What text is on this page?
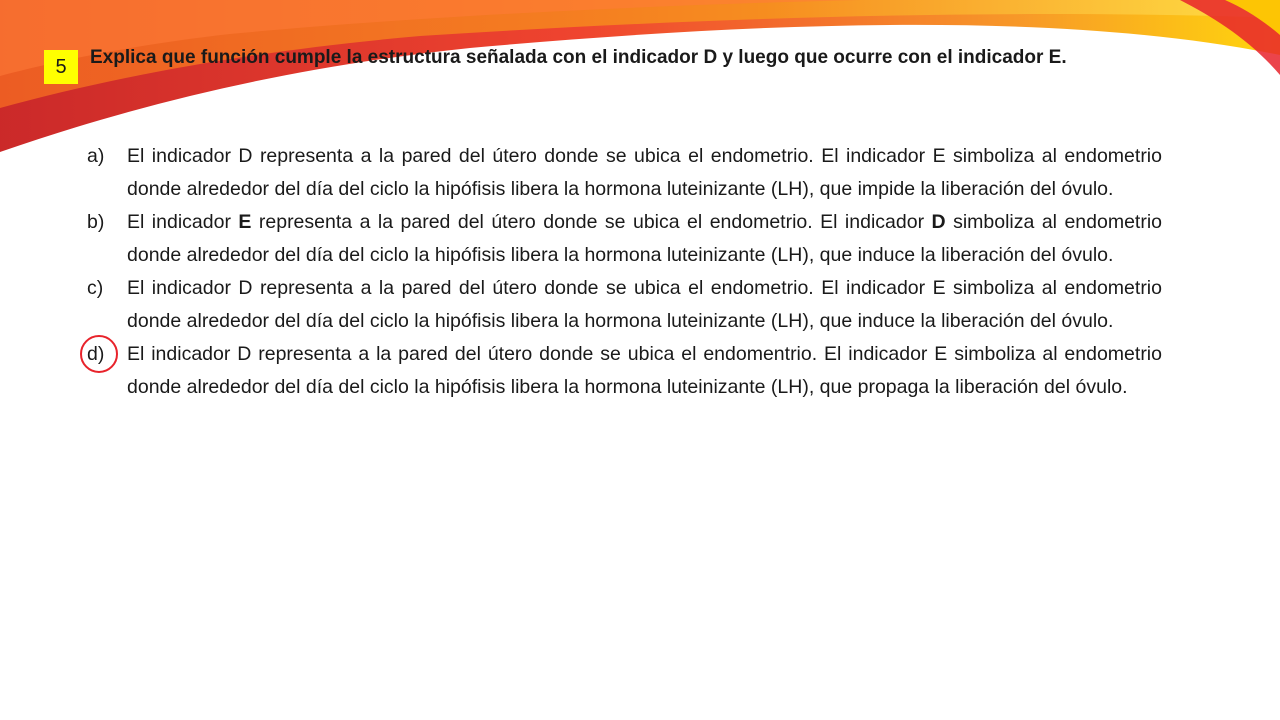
5	Explica que función cumple la estructura señalada con el indicador D y luego que ocurre con el indicador E.

a)	El indicador D representa a la pared del útero donde se ubica el endometrio. El indicador E simboliza al endometrio donde alrededor del día del ciclo la hipófisis libera la hormona luteinizante (LH), que impide la liberación del óvulo.
b)	El indicador E representa a la pared del útero donde se ubica el endometrio. El indicador D simboliza al endometrio donde alrededor del día del ciclo la hipófisis libera la hormona luteinizante (LH), que induce la liberación del óvulo.
c)	El indicador D representa a la pared del útero donde se ubica el endometrio. El indicador E simboliza al endometrio donde alrededor del día del ciclo la hipófisis libera la hormona luteinizante (LH), que induce la liberación del óvulo.
d)	El indicador D representa a la pared del útero donde se ubica el endomentrio. El indicador E simboliza al endometrio donde alrededor del día del ciclo la hipófisis libera la hormona luteinizante (LH), que propaga la liberación del óvulo.
